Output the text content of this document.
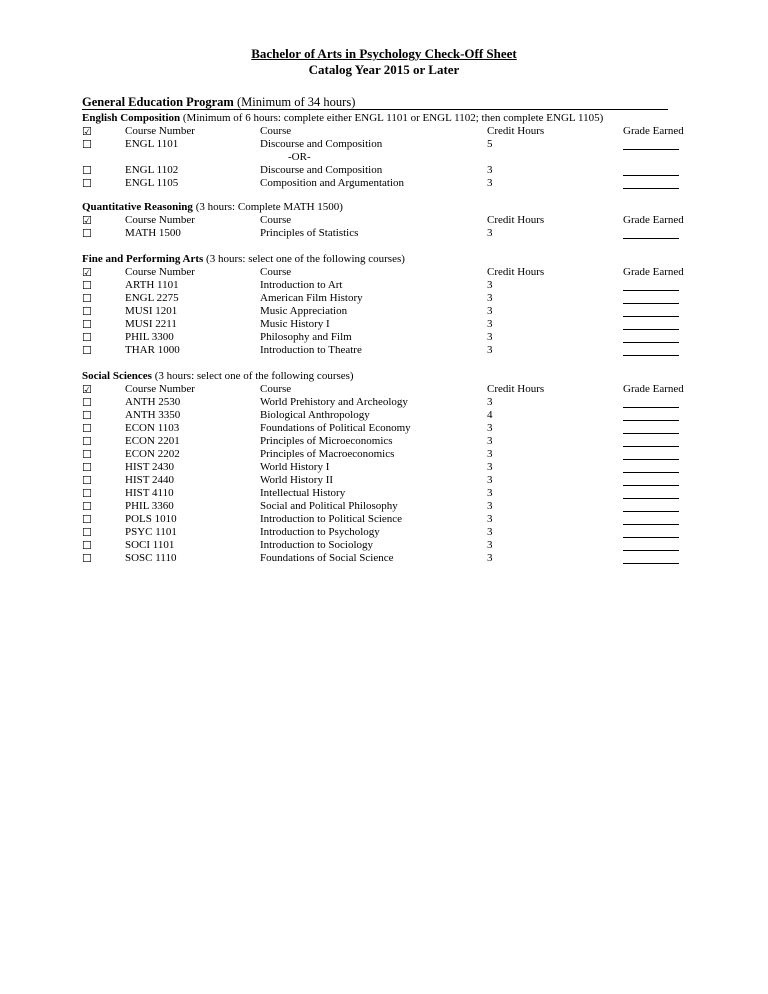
Bachelor of Arts in Psychology Check-Off Sheet
Catalog Year 2015 or Later
General Education Program (Minimum of 34 hours)
English Composition (Minimum of 6 hours: complete either ENGL 1101 or ENGL 1102; then complete ENGL 1105)
☑	Course Number	Course	Credit Hours	Grade Earned
☐	ENGL 1101	Discourse and Composition	5
-OR-
☐	ENGL 1102	Discourse and Composition	3
☐	ENGL 1105	Composition and Argumentation	3
Quantitative Reasoning (3 hours: Complete MATH 1500)
☑	Course Number	Course	Credit Hours	Grade Earned
☐	MATH 1500	Principles of Statistics	3
Fine and Performing Arts (3 hours: select one of the following courses)
☑	Course Number	Course	Credit Hours	Grade Earned
☐	ARTH 1101	Introduction to Art	3
☐	ENGL 2275	American Film History	3
☐	MUSI 1201	Music Appreciation	3
☐	MUSI 2211	Music History I	3
☐	PHIL 3300	Philosophy and Film	3
☐	THAR 1000	Introduction to Theatre	3
Social Sciences (3 hours: select one of the following courses)
☑	Course Number	Course	Credit Hours	Grade Earned
☐	ANTH 2530	World Prehistory and Archeology	3
☐	ANTH 3350	Biological Anthropology	4
☐	ECON 1103	Foundations of Political Economy	3
☐	ECON 2201	Principles of Microeconomics	3
☐	ECON 2202	Principles of Macroeconomics	3
☐	HIST 2430	World History I	3
☐	HIST 2440	World History II	3
☐	HIST 4110	Intellectual History	3
☐	PHIL 3360	Social and Political Philosophy	3
☐	POLS 1010	Introduction to Political Science	3
☐	PSYC 1101	Introduction to Psychology	3
☐	SOCI 1101	Introduction to Sociology	3
☐	SOSC 1110	Foundations of Social Science	3
